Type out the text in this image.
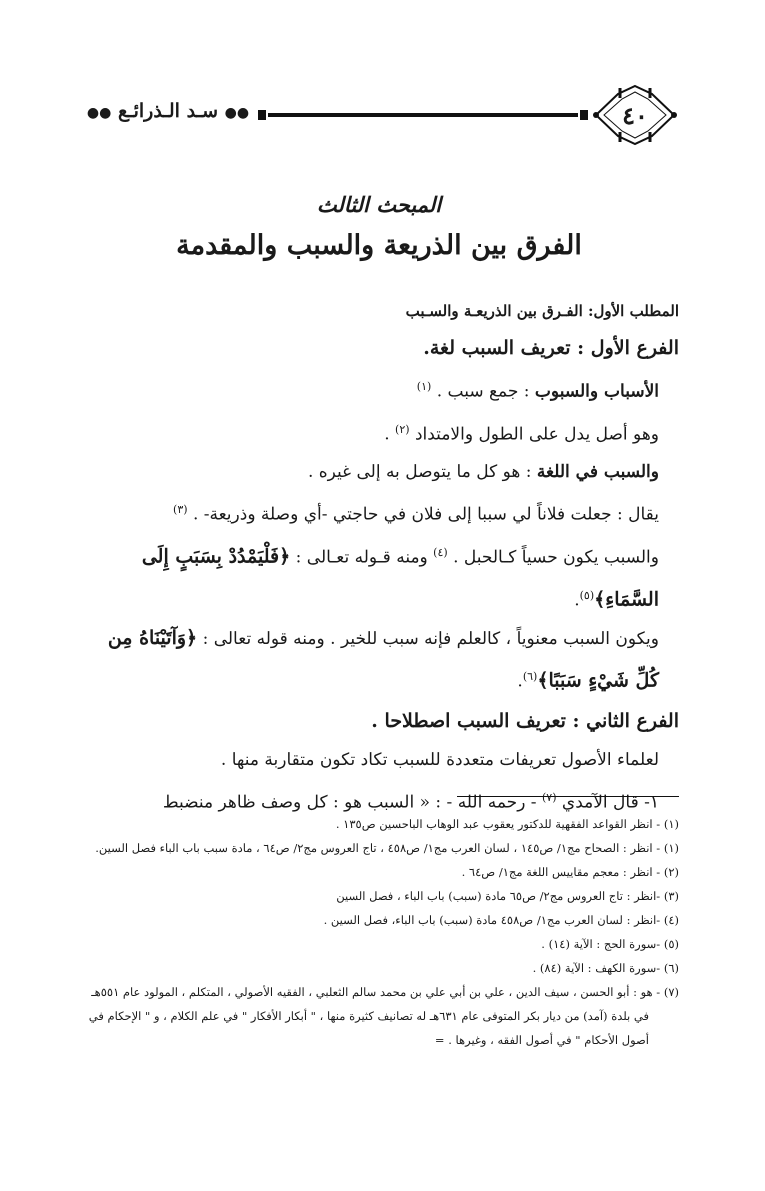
٤٠
●● سـد الـذرائـع ●●

المبحث الثالث

الفرق بين الذريعة والسبب والمقدمة

المطلب الأول: الفـرق بين الذريعـة والسـبب

الفرع الأول : تعريف السبب لغة.

الأسباب والسبوب : جمع سبب . $^{(١)}$

وهو أصل يدل على الطول والامتداد $^{(٢)}$ .

والسبب في اللغة : هو كل ما يتوصل به إلى غيره .

يقال : جعلت فلاناً لي سببا إلى فلان في حاجتي -أي وصلة وذريعة- . $^{(٣)}$

والسبب يكون حسياً كـالحبل . $^{(٤)}$ ومنه قـوله تعـالى : ﴿فَلْيَمْدُدْ بِسَبَبٍ إِلَى السَّمَاءِ﴾$^{(٥)}$.

ويكون السبب معنوياً ، كالعلم فإنه سبب للخير . ومنه قوله تعالى : ﴿وَآتَيْنَاهُ مِن كُلِّ شَيْءٍ سَبَبًا﴾$^{(٦)}$.

الفرع الثاني : تعريف السبب اصطلاحا .

لعلماء الأصول تعريفات متعددة للسبب تكاد تكون متقاربة منها .

١- قال الآمدي $^{(٧)}$ - رحمه الله - : « السبب هو : كل وصف ظاهر منضبط

(١) - انظر القواعد الفقهية للدكتور يعقوب عبد الوهاب الباحسين ص١٣٥ .

(١) - انظر : الصحاح مج١/ ص١٤٥ ، لسان العرب مج١/ ص٤٥٨ ، تاج العروس مج٢/ ص٦٤ ، مادة سبب باب الباء فصل السين.

(٢) - انظر : معجم مقاييس اللغة مج١/ ص٦٤ .

(٣) -انظر : تاج العروس مج٢/ ص٦٥ مادة (سبب) باب الباء ، فصل السين

(٤) -انظر : لسان العرب مج١/ ص٤٥٨ مادة (سبب) باب الباء، فصل السين .

(٥) -سورة الحج : الآية (١٤) .

(٦) -سورة الكهف : الآية (٨٤) .

(٧) - هو : أبو الحسن ، سيف الدين ، علي بن أبي علي بن محمد سالم الثعلبي ، الفقيه الأصولي ، المتكلم ، المولود عام ٥٥١هـ في بلدة (آمد) من ديار بكر المتوفى عام ٦٣١هـ له تصانيف كثيرة منها ، " أبكار الأفكار " في علم الكلام ، و " الإحكام في أصول الأحكام " في أصول الفقه ، وغيرها . =
